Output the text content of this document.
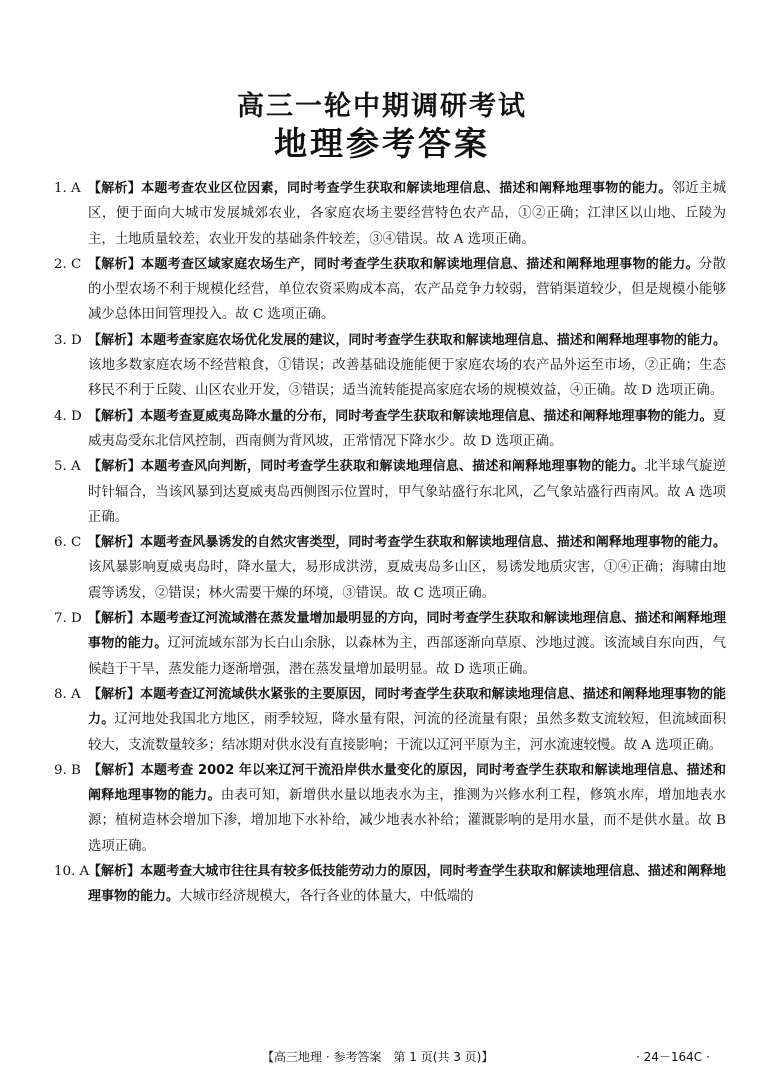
高三一轮中期调研考试
地理参考答案
1. A 【解析】本题考查农业区位因素，同时考查学生获取和解读地理信息、描述和阐释地理事物的能力。邻近主城区，便于面向大城市发展城郊农业，各家庭农场主要经营特色农产品，①②正确；江津区以山地、丘陵为主，土地质量较差，农业开发的基础条件较差，③④错误。故 A 选项正确。
2. C 【解析】本题考查区域家庭农场生产，同时考查学生获取和解读地理信息、描述和阐释地理事物的能力。分散的小型农场不利于规模化经营，单位农资采购成本高，农产品竞争力较弱，营销渠道较少，但是规模小能够减少总体田间管理投入。故 C 选项正确。
3. D 【解析】本题考查家庭农场优化发展的建议，同时考查学生获取和解读地理信息、描述和阐释地理事物的能力。该地多数家庭农场不经营粮食，①错误；改善基础设施能便于家庭农场的农产品外运至市场，②正确；生态移民不利于丘陵、山区农业开发，③错误；适当流转能提高家庭农场的规模效益，④正确。故 D 选项正确。
4. D 【解析】本题考查夏威夷岛降水量的分布，同时考查学生获取和解读地理信息、描述和阐释地理事物的能力。夏威夷岛受东北信风控制，西南侧为背风坡，正常情况下降水少。故 D 选项正确。
5. A 【解析】本题考查风向判断，同时考查学生获取和解读地理信息、描述和阐释地理事物的能力。北半球气旋逆时针辐合，当该风暴到达夏威夷岛西侧图示位置时，甲气象站盛行东北风，乙气象站盛行西南风。故 A 选项正确。
6. C 【解析】本题考查风暴诱发的自然灾害类型，同时考查学生获取和解读地理信息、描述和阐释地理事物的能力。该风暴影响夏威夷岛时，降水量大，易形成洪涝，夏威夷岛多山区，易诱发地质灾害，①④正确；海啸由地震等诱发，②错误；林火需要干燥的环境，③错误。故 C 选项正确。
7. D 【解析】本题考查辽河流域潜在蒸发量增加最明显的方向，同时考查学生获取和解读地理信息、描述和阐释地理事物的能力。辽河流域东部为长白山余脉，以森林为主，西部逐渐向草原、沙地过渡。该流域自东向西，气候趋于干旱，蒸发能力逐渐增强，潜在蒸发量增加最明显。故 D 选项正确。
8. A 【解析】本题考查辽河流域供水紧张的主要原因，同时考查学生获取和解读地理信息、描述和阐释地理事物的能力。辽河地处我国北方地区，雨季较短，降水量有限，河流的径流量有限；虽然多数支流较短，但流域面积较大，支流数量较多；结冰期对供水没有直接影响；干流以辽河平原为主，河水流速较慢。故 A 选项正确。
9. B 【解析】本题考查 2002 年以来辽河干流沿岸供水量变化的原因，同时考查学生获取和解读地理信息、描述和阐释地理事物的能力。由表可知，新增供水量以地表水为主，推测为兴修水利工程，修筑水库，增加地表水源；植树造林会增加下渗，增加地下水补给，减少地表水补给；灌溉影响的是用水量，而不是供水量。故 B 选项正确。
10. A
【解析】本题考查大城市往往具有较多低技能劳动力的原因，同时考查学生获取和解读地理信息、描述和阐释地理事物的能力。大城市经济规模大，各行各业的体量大，中低端的
【高三地理 · 参考答案　第 1 页(共 3 页)】	· 24－164C ·
